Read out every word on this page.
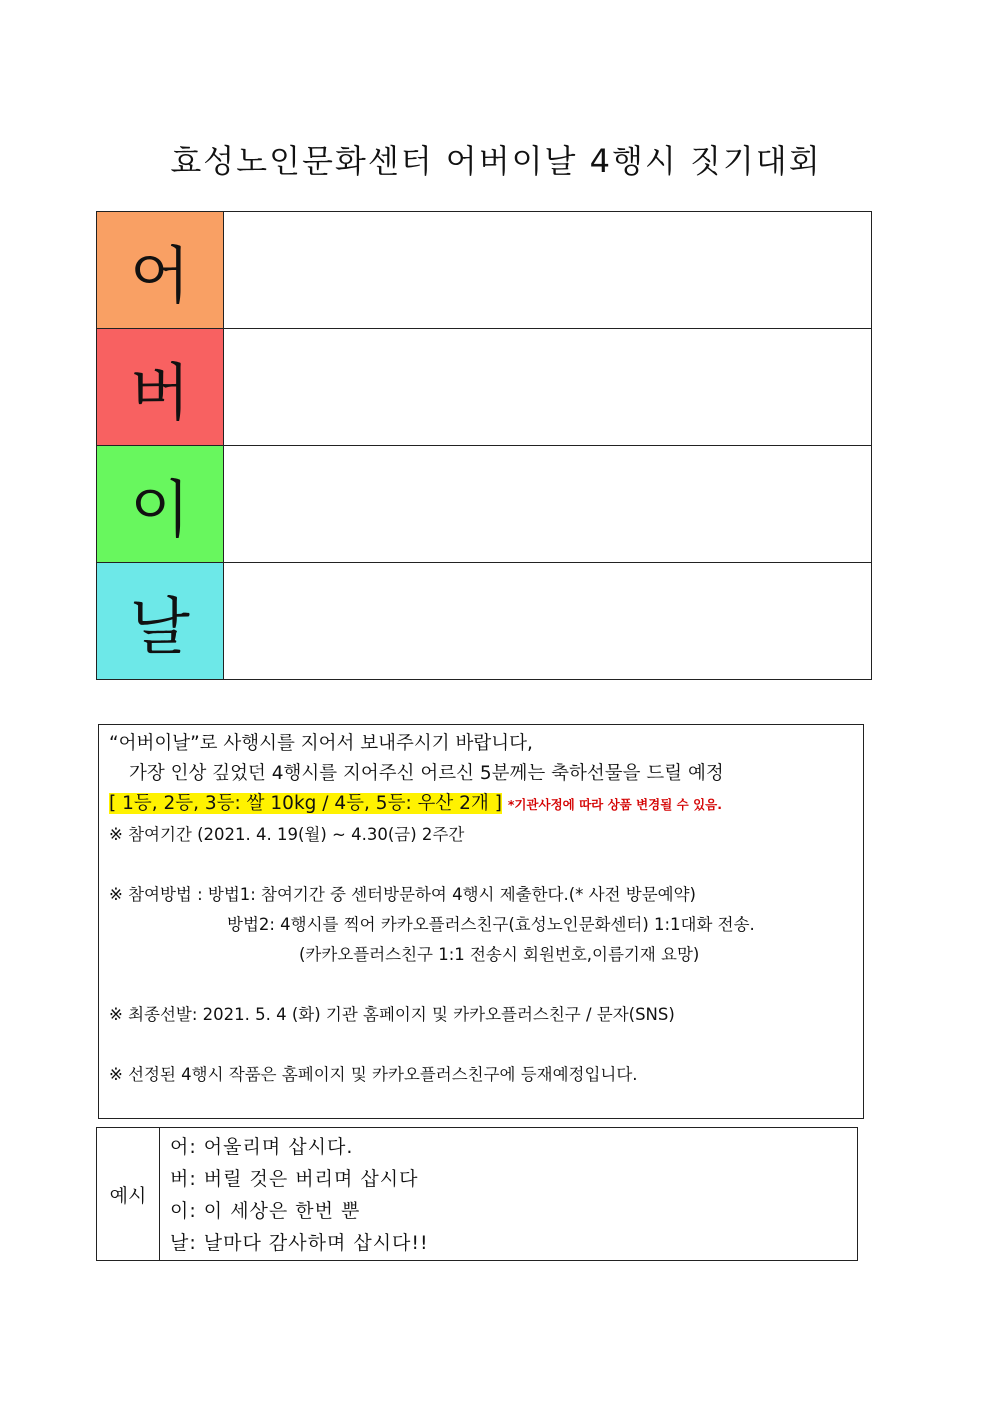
효성노인문화센터 어버이날 4행시 짓기대회
어	
버	
이	
날	

“어버이날”로 사행시를 지어서 보내주시기 바랍니다,

가장 인상 깊었던 4행시를 지어주신 어르신 5분께는 축하선물을 드릴 예정

[ 1등, 2등, 3등: 쌀 10kg / 4등, 5등: 우산 2개 ] *기관사정에 따라 상품 변경될 수 있음.

※ 참여기간 (2021. 4. 19(월) ~ 4.30(금) 2주간

※ 참여방법 : 방법1: 참여기간 중 센터방문하여 4행시 제출한다.(* 사전 방문예약)

방법2: 4행시를 찍어 카카오플러스친구(효성노인문화센터) 1:1대화 전송.

(카카오플러스친구 1:1 전송시 회원번호,이름기재 요망)

※ 최종선발: 2021. 5. 4 (화) 기관 홈페이지 및 카카오플러스친구 / 문자(SNS)

※ 선정된 4행시 작품은 홈페이지 및 카카오플러스친구에 등재예정입니다.

예시	
어: 어울리며 삽시다.
버: 버릴 것은 버리며 삽시다
이: 이 세상은 한번 뿐
날: 날마다 감사하며 삽시다!!
